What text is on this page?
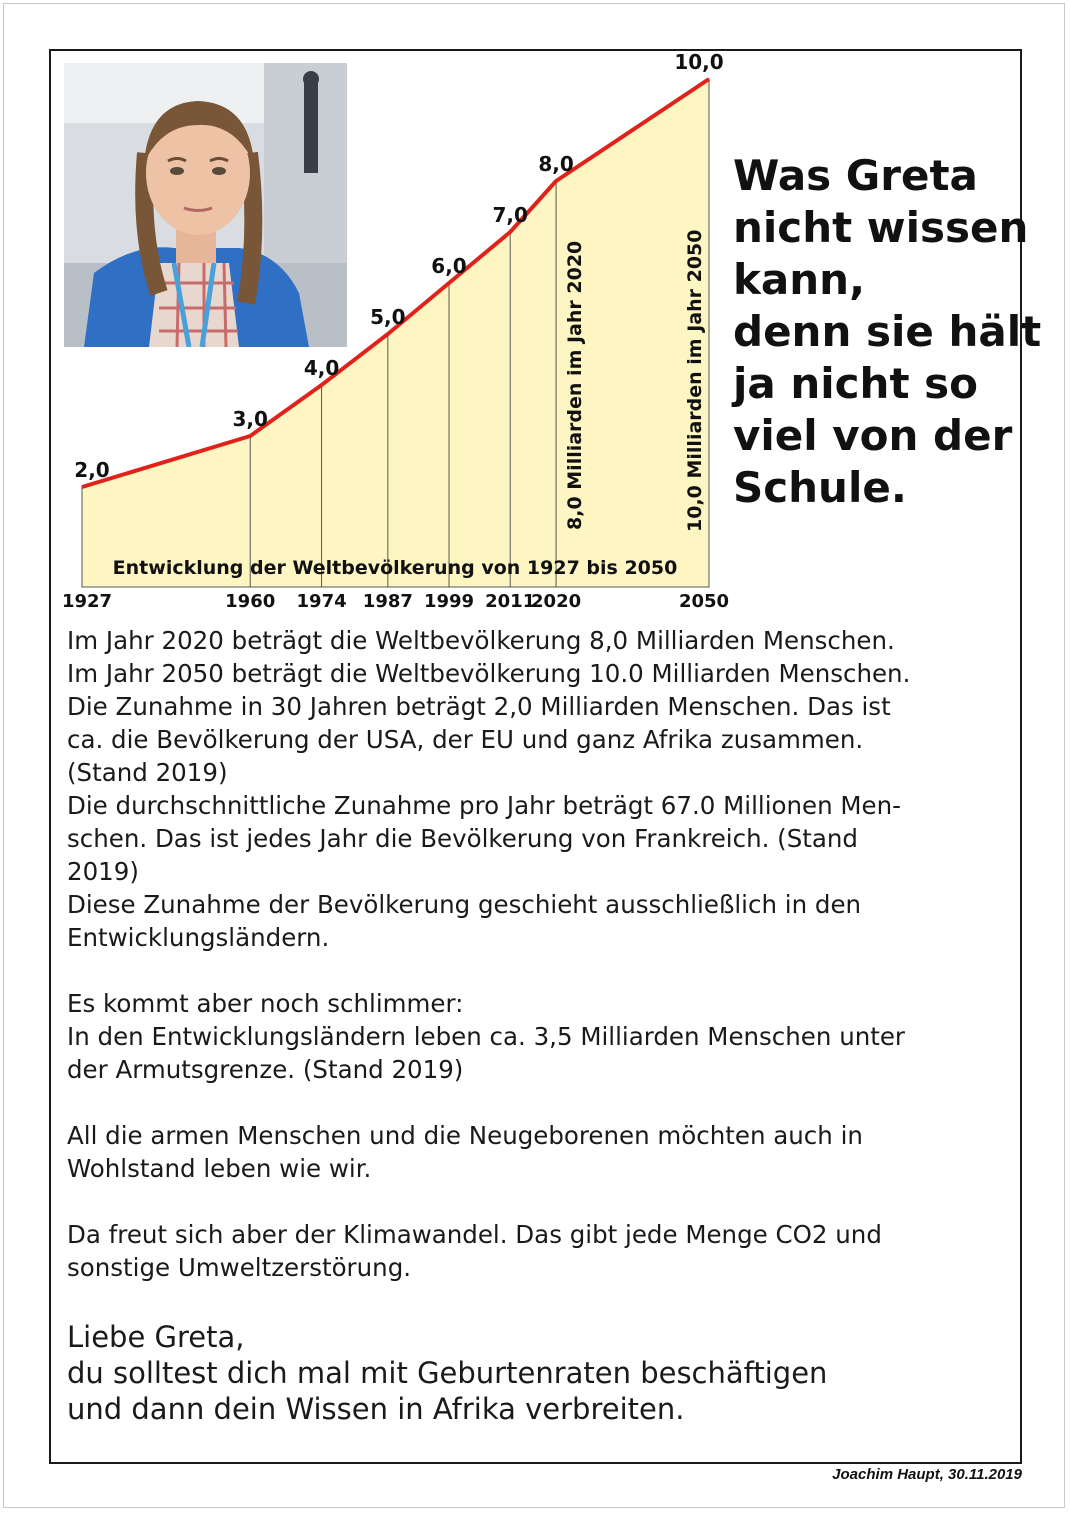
2,0
1927
3,0
1960
4,0
1974
5,0
1987
6,0
1999
7,0
2011
8,0
2020
10,0
2050
8,0 Milliarden im Jahr 2020	10,0 Milliarden im Jahr 2050
Entwicklung der Weltbevölkerung von 1927 bis 2050
Was Greta
nicht wissen
kann,
denn sie hält
ja nicht so
viel von der
Schule.

Im Jahr 2020 beträgt die Weltbevölkerung 8,0 Milliarden Menschen.

Im Jahr 2050 beträgt die Weltbevölkerung 10.0 Milliarden Menschen.

Die Zunahme in 30 Jahren beträgt 2,0 Milliarden Menschen. Das ist

ca. die Bevölkerung der USA, der EU und ganz Afrika zusammen.

(Stand 2019)

Die durchschnittliche Zunahme pro Jahr beträgt 67.0 Millionen Men-

schen. Das ist jedes Jahr die Bevölkerung von Frankreich. (Stand

2019)

Diese Zunahme der Bevölkerung geschieht ausschließlich in den

Entwicklungsländern.

Es kommt aber noch schlimmer:

In den Entwicklungsländern leben ca. 3,5 Milliarden Menschen unter

der Armutsgrenze. (Stand 2019)

All die armen Menschen und die Neugeborenen möchten auch in

Wohlstand leben wie wir.

Da freut sich aber der Klimawandel. Das gibt jede Menge CO2 und

sonstige Umweltzerstörung.

Liebe Greta,

du solltest dich mal mit Geburtenraten beschäftigen

und dann dein Wissen in Afrika verbreiten.

Joachim Haupt, 30.11.2019
